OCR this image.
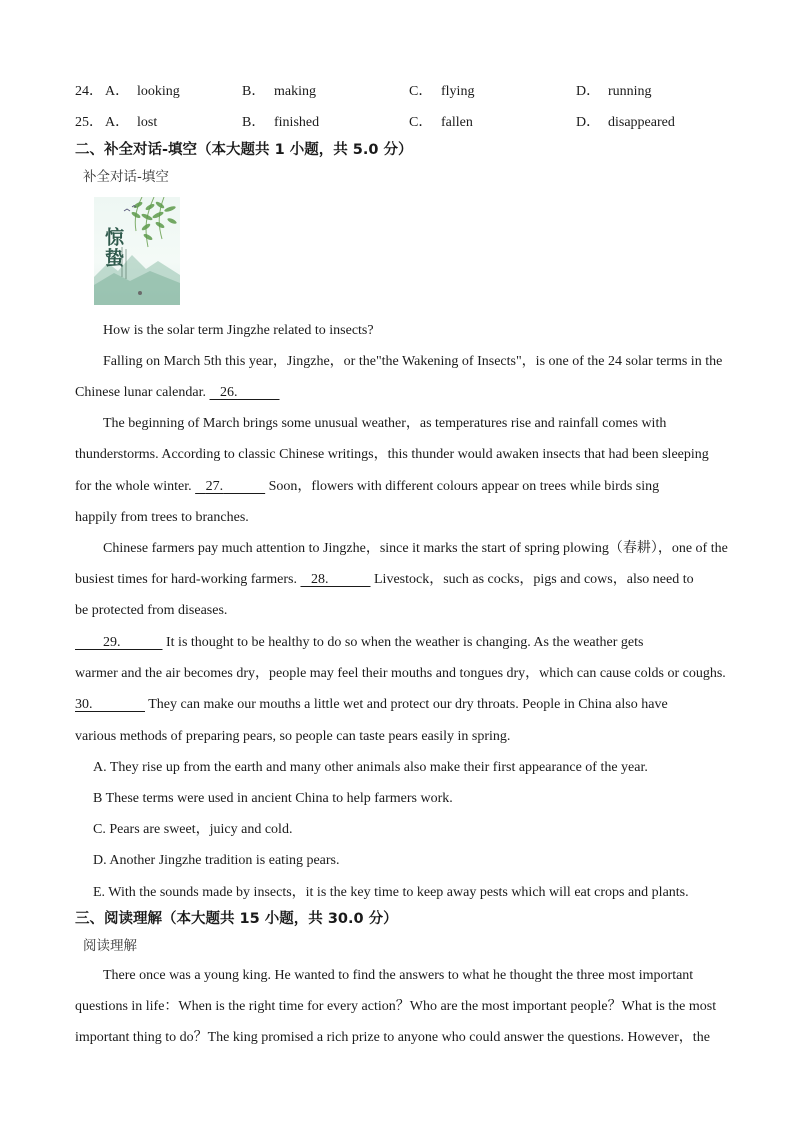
24． A． looking	B． making	C． flying	D． running
25． A． lost	B． finished	C． fallen	D． disappeared
二、补全对话-填空（本大题共 1 小题，共 5.0 分）
补全对话-填空
惊蛰
How is the solar term Jingzhe related to insects?
Falling on March 5th this year，Jingzhe，or the"the Wakening of Insects"，is one of the 24 solar terms in the
Chinese lunar calendar. 26.
The beginning of March brings some unusual weather，as temperatures rise and rainfall comes with
thunderstorms. According to classic Chinese writings，this thunder would awaken insects that had been sleeping
for the whole winter. 27.	Soon，flowers with different colours appear on trees while birds sing
happily from trees to branches.
Chinese farmers pay much attention to Jingzhe，since it marks the start of spring plowing（春耕），one of the
busiest times for hard-working farmers. 28.	Livestock，such as cocks，pigs and cows，also need to
be protected from diseases.
29.	It is thought to be healthy to do so when the weather is changing. As the weather gets
warmer and the air becomes dry，people may feel their mouths and tongues dry，which can cause colds or coughs.
30.	They can make our mouths a little wet and protect our dry throats. People in China also have
various methods of preparing pears, so people can taste pears easily in spring.
A. They rise up from the earth and many other animals also make their first appearance of the year.
B These terms were used in ancient China to help farmers work.
C. Pears are sweet，juicy and cold.
D. Another Jingzhe tradition is eating pears.
E. With the sounds made by insects，it is the key time to keep away pests which will eat crops and plants.
三、阅读理解（本大题共 15 小题，共 30.0 分）
阅读理解
There once was a young king. He wanted to find the answers to what he thought the three most important
questions in life：When is the right time for every action？Who are the most important people？What is the most
important thing to do？The king promised a rich prize to anyone who could answer the questions. However，the
